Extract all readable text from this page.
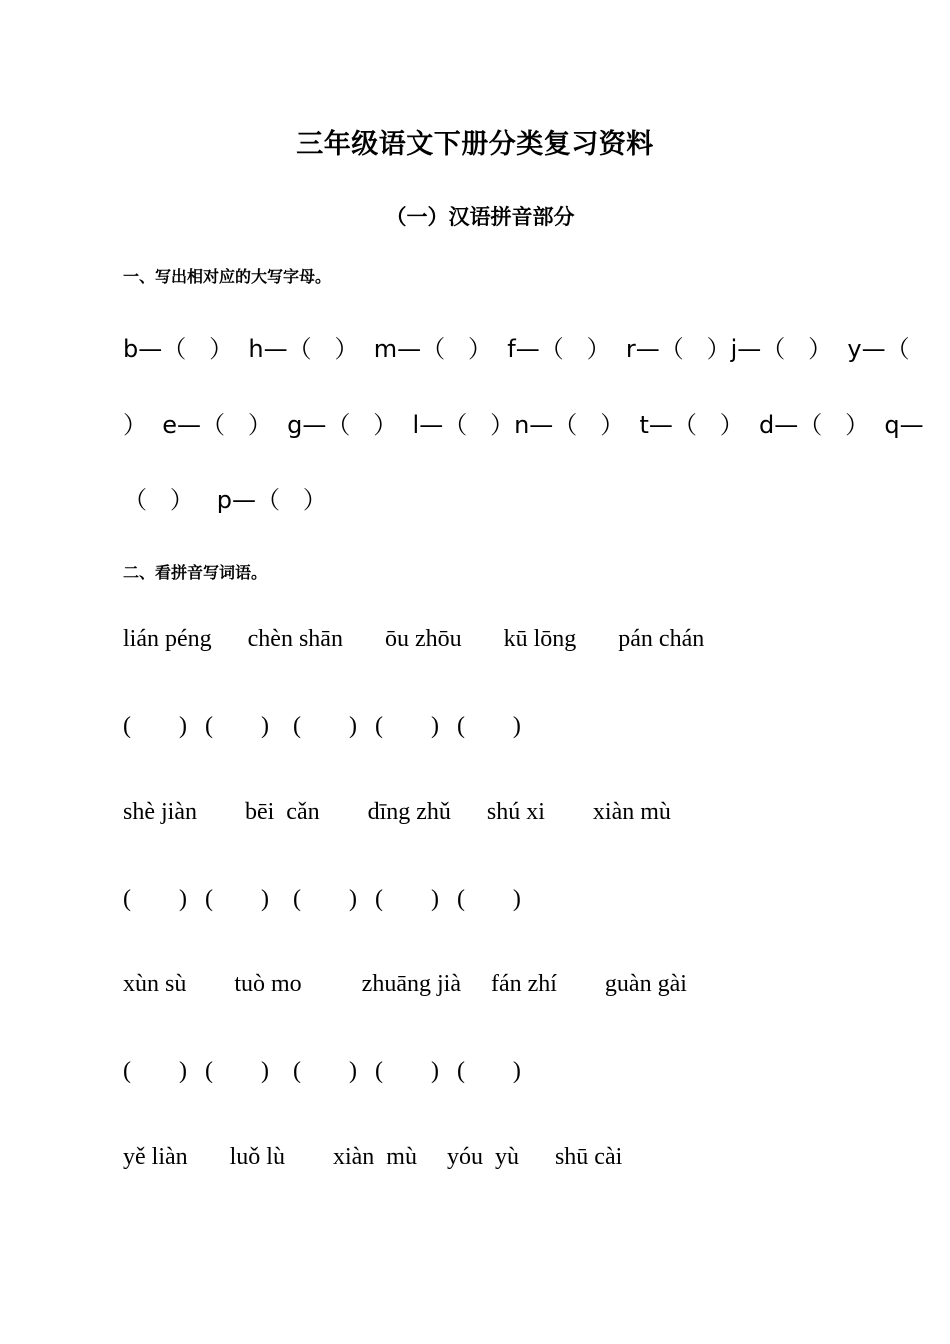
三年级语文下册分类复习资料
（一）汉语拼音部分
一、写出相对应的大写字母。
b—（   ）  h—（   ）  m—（   ）  f—（   ）  r—（   ）j—（   ）  y—（
）  e—（   ）  g—（   ）  l—（   ）n—（   ）  t—（   ）  d—（   ）  q—
（   ）   p—（   ）
二、看拼音写词语。
lián péng      chèn shān       ōu zhōu       kū lōng       pán chán
(        )   (        )    (        )   (        )   (        )
shè jiàn        bēi  cǎn        dīng zhǔ      shú xi        xiàn mù
(        )   (        )    (        )   (        )   (        )
xùn sù        tuò mo          zhuāng jià     fán zhí        guàn gài
(        )   (        )    (        )   (        )   (        )
yě liàn       luǒ lù        xiàn  mù     yóu  yù      shū cài
